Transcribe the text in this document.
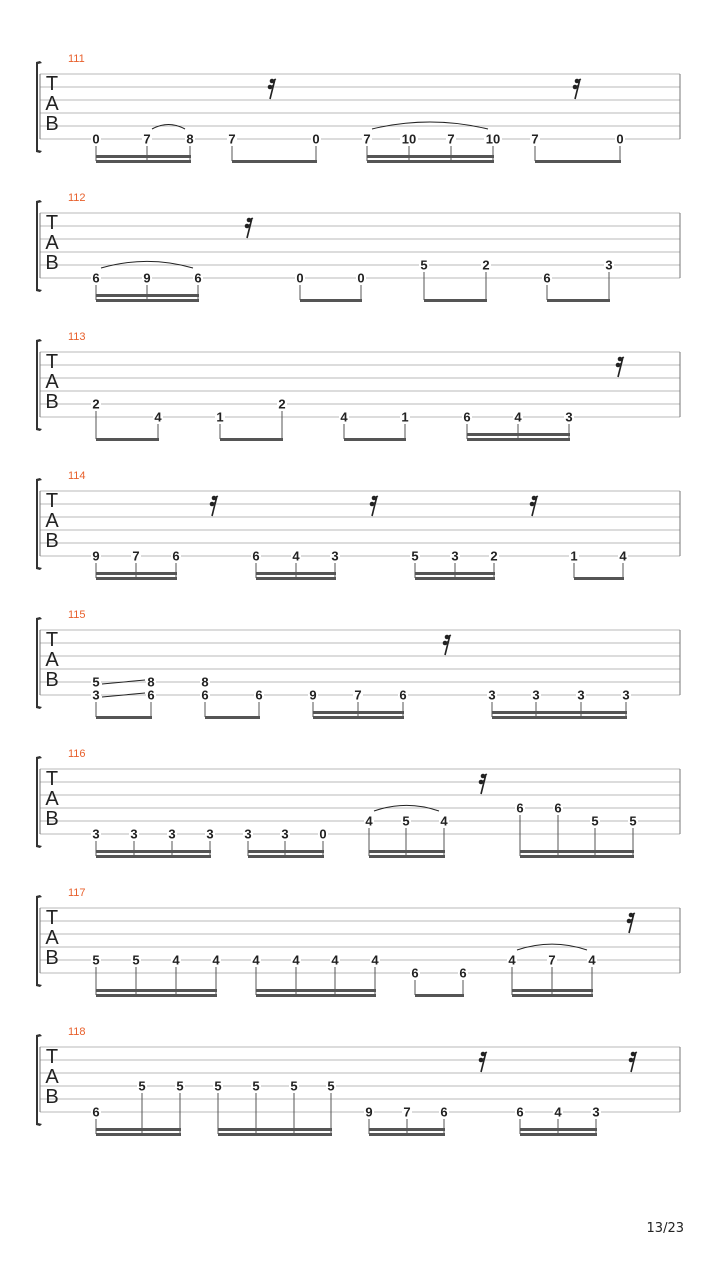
T
A
B
111
0	7	8	7	0	7 10 7 10 7	0
T
A
B
112
6	9	6	0	0
5	2
6
3
T
A
B
113
2
4	1
2
4	1	6	4	3
T
A
B
114
9	7	6	6	4 3	5	3 2	1	4
T
A
B
115
5
3
8
6
8
6	6	9	7	6	3	3	3	3
T
A
B
116
3 3 3 3 3 3 0
4 5 4
6 6
5 5
T
A
B
117
5	5	4	4	4	4 4	4
6	6
4	7	4
T
A
B
118
6
5 5 5 5 5 5
9 7 6	6 4 3
13/23
